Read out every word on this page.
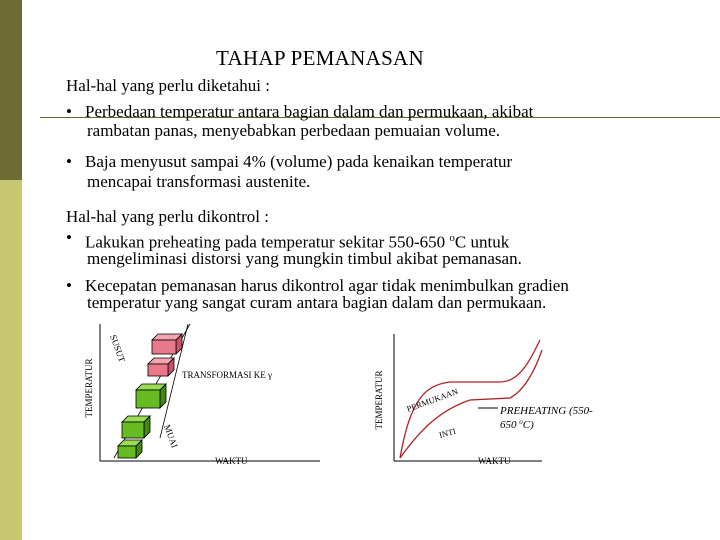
TAHAP PEMANASAN
Hal-hal yang perlu diketahui :
• Perbedaan temperatur antara bagian dalam dan permukaan, akibat
rambatan panas, menyebabkan perbedaan pemuaian volume.
• Baja menyusut sampai 4% (volume) pada kenaikan temperatur
mencapai transformasi austenite.
Hal-hal yang perlu dikontrol :
• Lakukan preheating pada temperatur sekitar 550-650 $^o$C untuk
mengeliminasi distorsi yang mungkin timbul akibat pemanasan.
• Kecepatan pemanasan harus dikontrol agar tidak menimbulkan gradien
temperatur yang sangat curam antara bagian dalam dan permukaan.
TEMPERATUR
WAKTU
SUSUT
MUAI
TRANSFORMASI KE γ	TEMPERATUR
WAKTU
PERMUKAAN
INTI
PREHEATING (550-
650 $^o$C)
